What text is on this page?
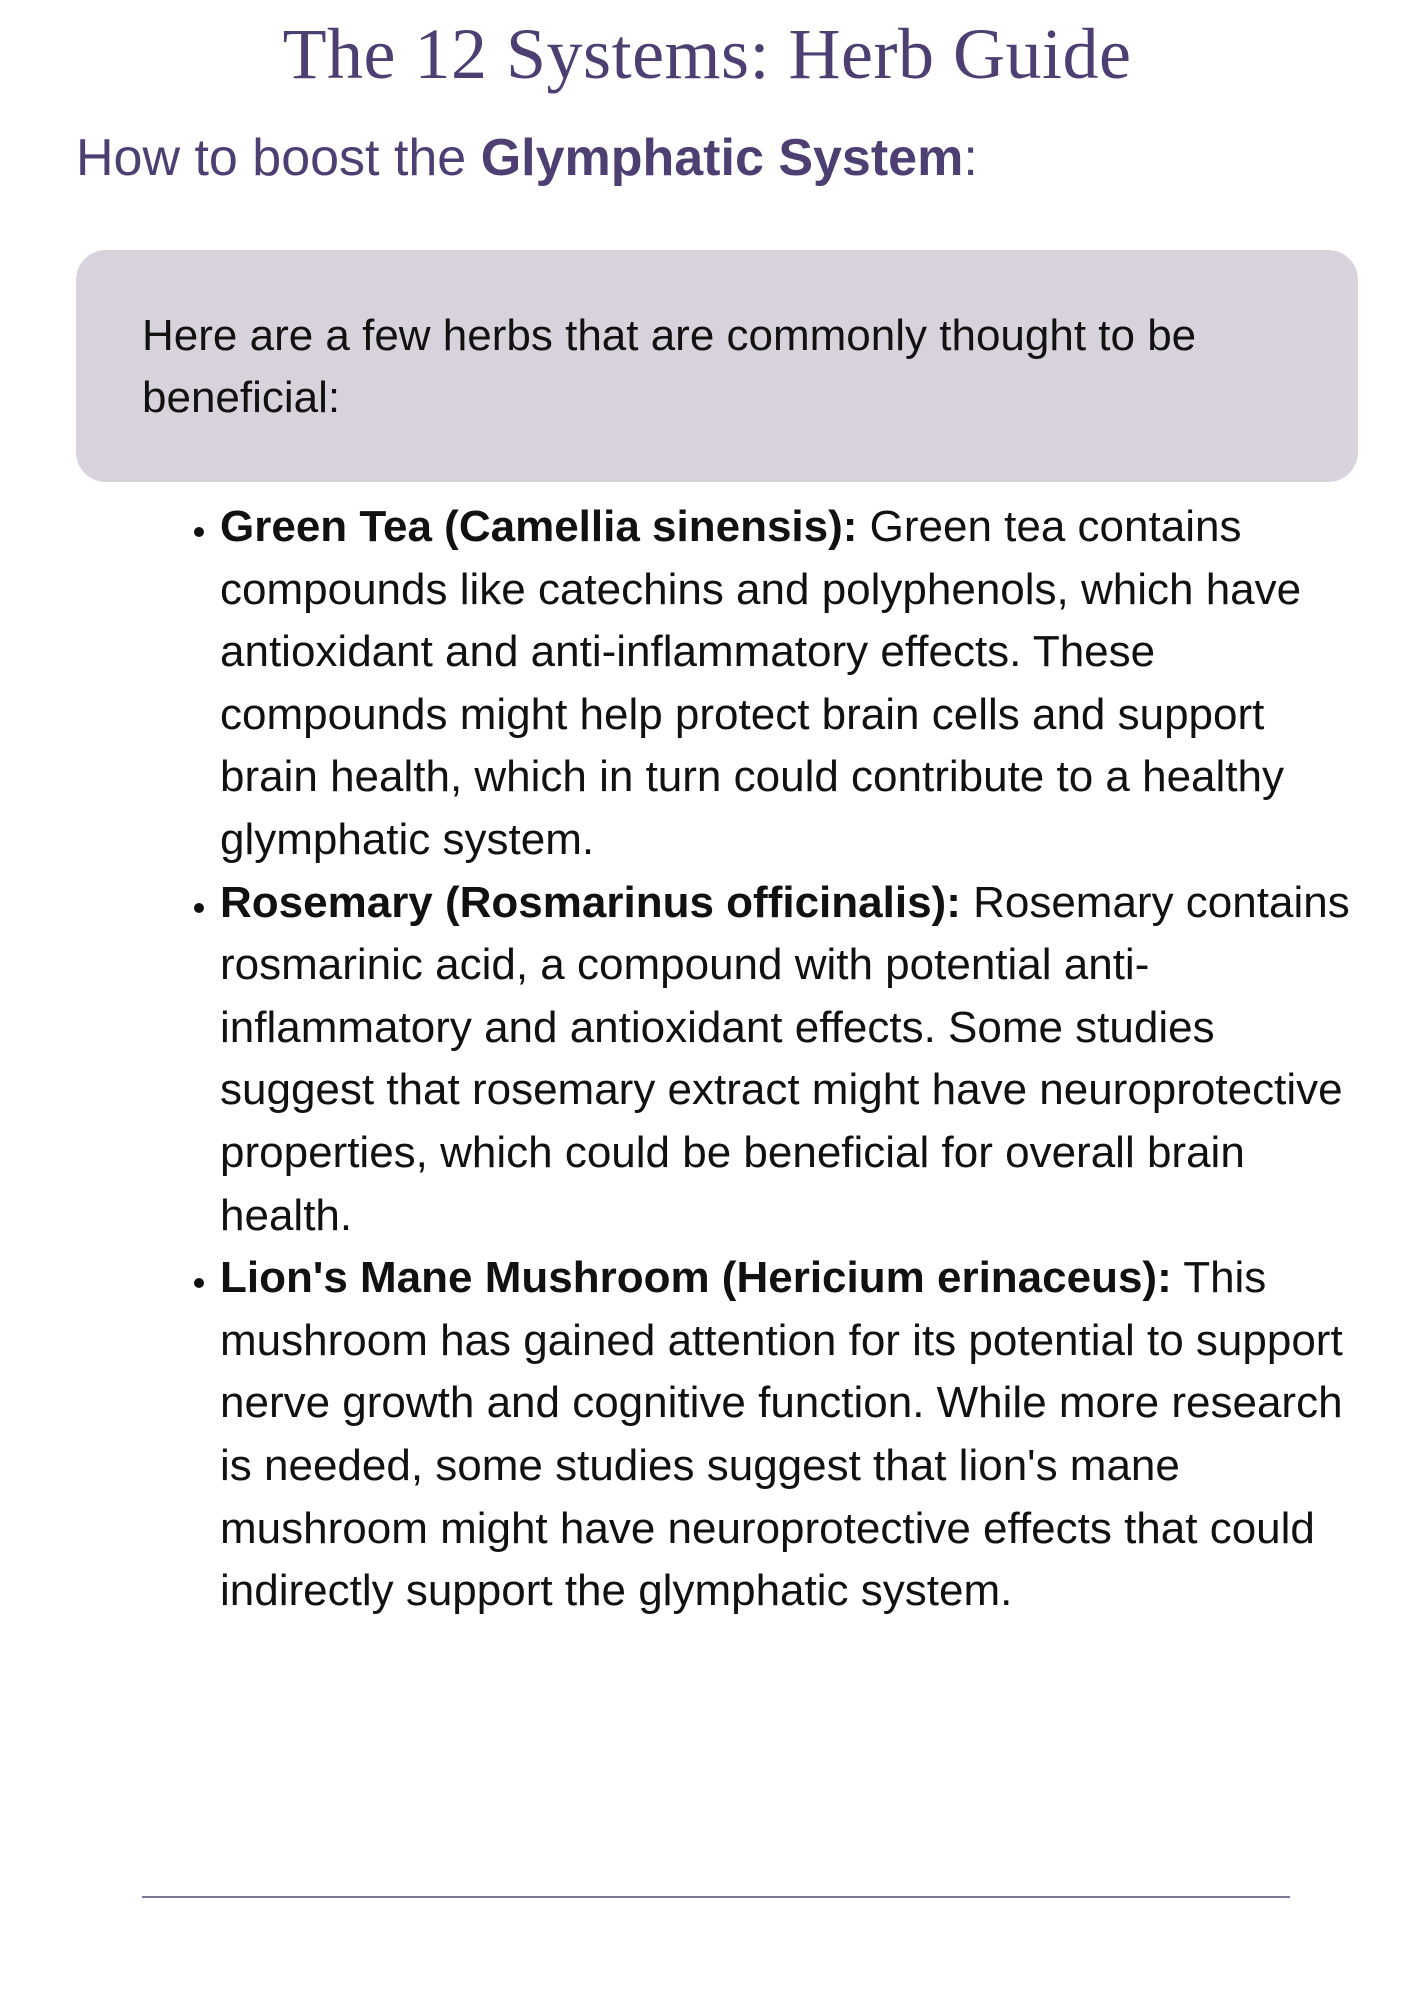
The 12 Systems: Herb Guide
How to boost the Glymphatic System:

Here are a few herbs that are commonly thought to be beneficial:

• Green Tea (Camellia sinensis): Green tea contains compounds like catechins and polyphenols, which have antioxidant and anti-inflammatory effects. These compounds might help protect brain cells and support brain health, which in turn could contribute to a healthy glymphatic system.
• Rosemary (Rosmarinus officinalis): Rosemary contains rosmarinic acid, a compound with potential anti-inflammatory and antioxidant effects. Some studies suggest that rosemary extract might have neuroprotective properties, which could be beneficial for overall brain health.
• Lion's Mane Mushroom (Hericium erinaceus): This mushroom has gained attention for its potential to support nerve growth and cognitive function. While more research is needed, some studies suggest that lion's mane mushroom might have neuroprotective effects that could indirectly support the glymphatic system.
